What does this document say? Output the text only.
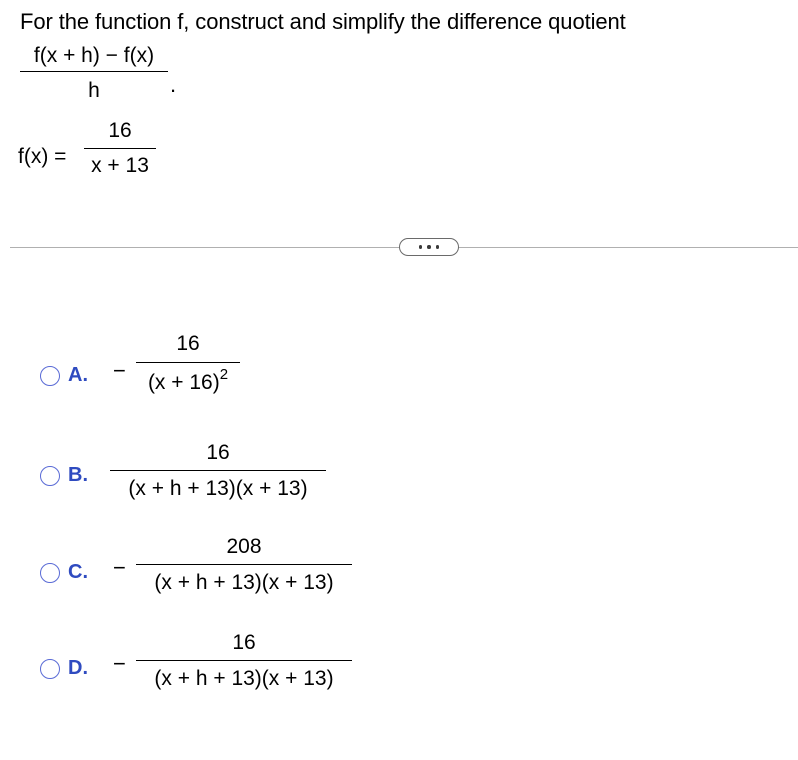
For the function f, construct and simplify the difference quotient
f(x + h) − f(x)
h	.
f(x) =
16
x + 13
A. −
16
$(x + 16)^2$
B.
16
(x + h + 13)(x + 13)
C. −
208
(x + h + 13)(x + 13)
D. −
16
(x + h + 13)(x + 13)
